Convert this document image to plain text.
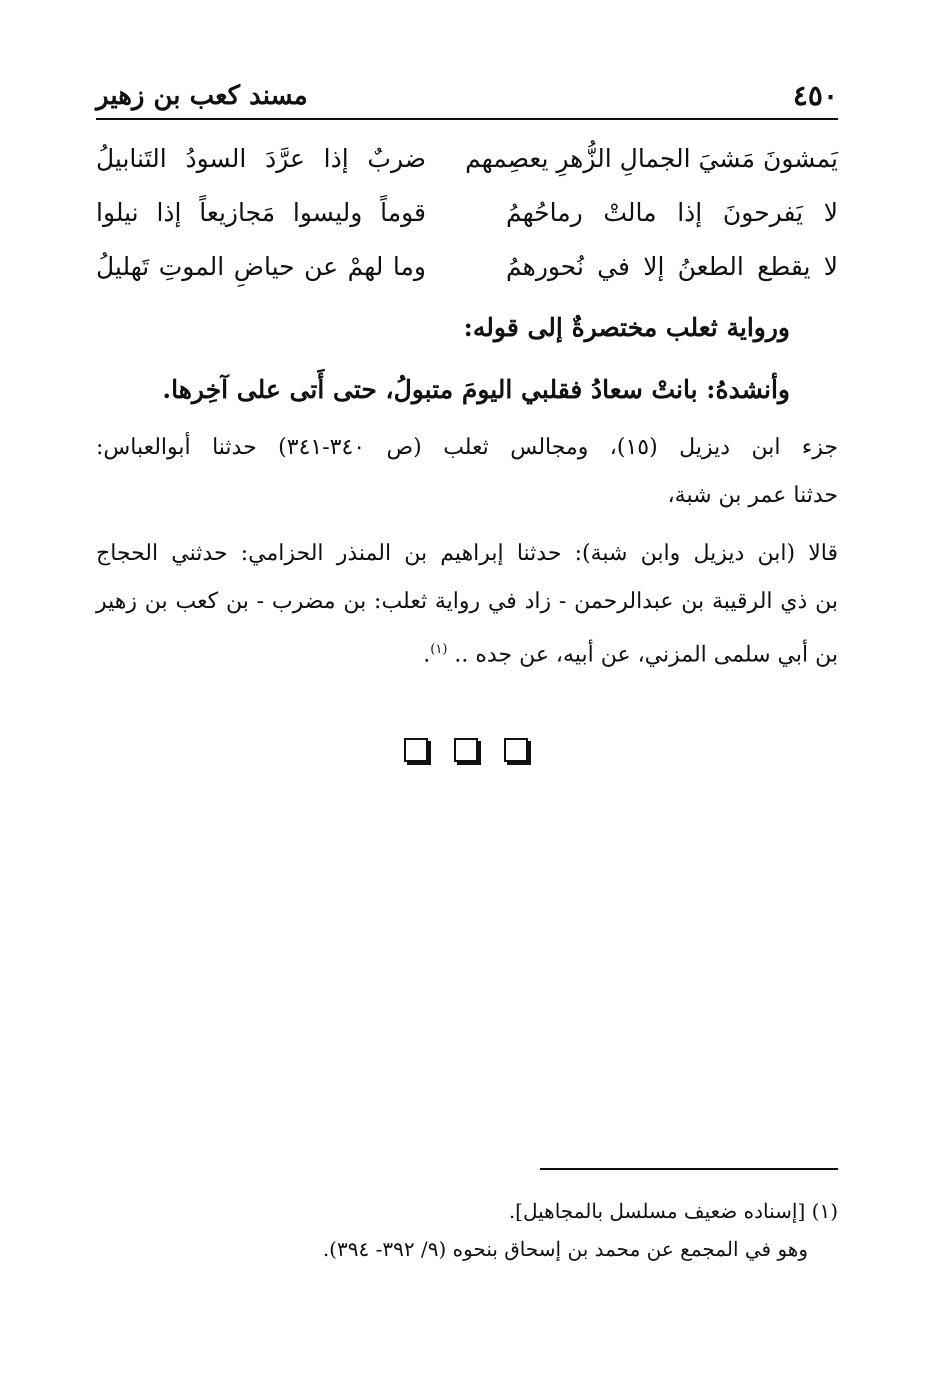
٤٥٠
مسند كعب بن زهير
يَمشونَ مَشيَ الجمالِ الزُّهرِ يعصِمهم
ضربٌ إذا عرَّدَ السودُ التَنابيلُ
لا يَفرحونَ إذا مالتْ رماحُهمُ
قوماً وليسوا مَجازيعاً إذا نيلوا
لا يقطع الطعنُ إلا في نُحورهمُ
وما لهمْ عن حياضِ الموتِ تَهليلُ
ورواية ثعلب مختصرةٌ إلى قوله:
وأنشدهُ: بانتْ سعادُ فقلبي اليومَ متبولُ، حتى أَتى على آخِرها.
جزء ابن ديزيل (١٥)، ومجالس ثعلب (ص ٣٤٠-٣٤١) حدثنا أبوالعباس:
حدثنا عمر بن شبة،
قالا (ابن ديزيل وابن شبة): حدثنا إبراهيم بن المنذر الحزامي: حدثني الحجاج
بن ذي الرقيبة بن عبدالرحمن - زاد في رواية ثعلب: بن مضرب - بن كعب بن زهير
بن أبي سلمى المزني، عن أبيه، عن جده .. $^{(١)}$.
(١) [إسناده ضعيف مسلسل بالمجاهيل].
وهو في المجمع عن محمد بن إسحاق بنحوه (٩/ ٣٩٢- ٣٩٤).
